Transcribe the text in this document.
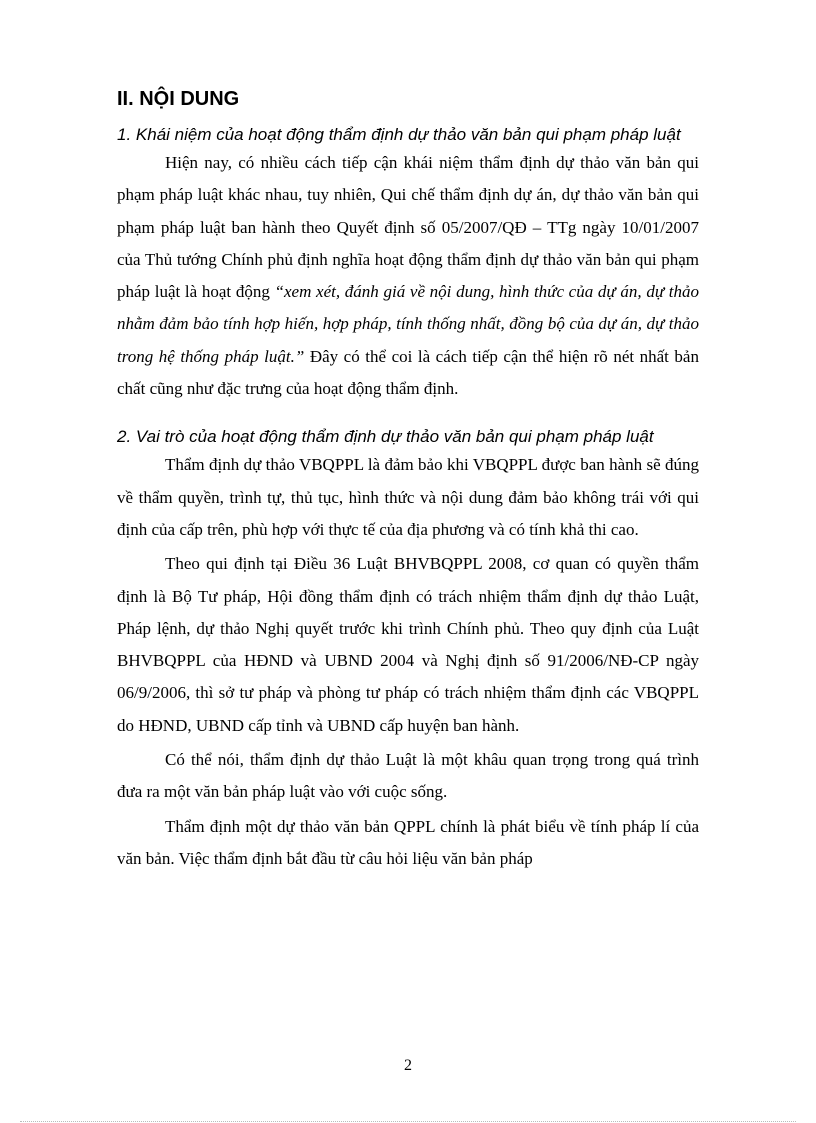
II. NỘI DUNG
1. Khái niệm của hoạt động thẩm định dự thảo văn bản qui phạm pháp luật

Hiện nay, có nhiều cách tiếp cận khái niệm thẩm định dự thảo văn bản qui phạm pháp luật khác nhau, tuy nhiên, Qui chế thẩm định dự án, dự thảo văn bản qui phạm pháp luật ban hành theo Quyết định số 05/2007/QĐ – TTg ngày 10/01/2007 của Thủ tướng Chính phủ định nghĩa hoạt động thẩm định dự thảo văn bản qui phạm pháp luật là hoạt động “xem xét, đánh giá về nội dung, hình thức của dự án, dự thảo nhằm đảm bảo tính hợp hiến, hợp pháp, tính thống nhất, đồng bộ của dự án, dự thảo trong hệ thống pháp luật.” Đây có thể coi là cách tiếp cận thể hiện rõ nét nhất bản chất cũng như đặc trưng của hoạt động thẩm định.

2. Vai trò của hoạt động thẩm định dự thảo văn bản qui phạm pháp luật

Thẩm định dự thảo VBQPPL là đảm bảo khi VBQPPL được ban hành sẽ đúng về thẩm quyền, trình tự, thủ tục, hình thức và nội dung đảm bảo không trái với qui định của cấp trên, phù hợp với thực tế của địa phương và có tính khả thi cao.

Theo qui định tại Điều 36 Luật BHVBQPPL 2008, cơ quan có quyền thẩm định là Bộ Tư pháp, Hội đồng thẩm định có trách nhiệm thẩm định dự thảo Luật, Pháp lệnh, dự thảo Nghị quyết trước khi trình Chính phủ. Theo quy định của Luật BHVBQPPL của HĐND và UBND 2004 và Nghị định số 91/2006/NĐ-CP ngày 06/9/2006, thì sở tư pháp và phòng tư pháp có trách nhiệm thẩm định các VBQPPL do HĐND, UBND cấp tỉnh và UBND cấp huyện ban hành.

Có thể nói, thẩm định dự thảo Luật là một khâu quan trọng trong quá trình đưa ra một văn bản pháp luật vào với cuộc sống.

Thẩm định một dự thảo văn bản QPPL chính là phát biểu về tính pháp lí của văn bản. Việc thẩm định bắt đầu từ câu hỏi liệu văn bản pháp

2
